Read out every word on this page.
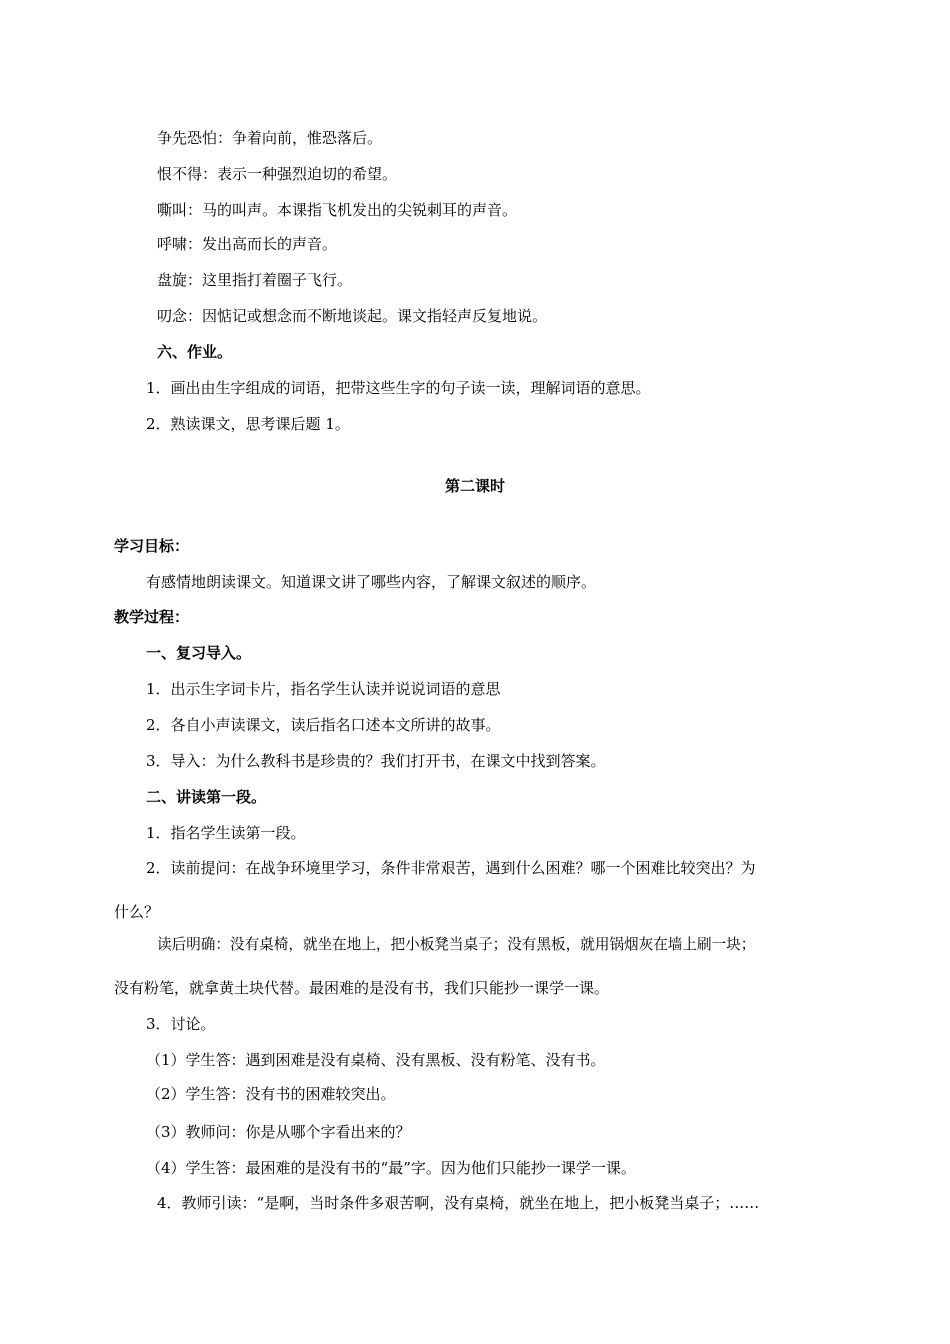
争先恐怕：争着向前，惟恐落后。
恨不得：表示一种强烈迫切的希望。
嘶叫：马的叫声。本课指飞机发出的尖锐刺耳的声音。
呼啸：发出高而长的声音。
盘旋：这里指打着圈子飞行。
叨念：因惦记或想念而不断地谈起。课文指轻声反复地说。
六、作业。
1．画出由生字组成的词语，把带这些生字的句子读一读，理解词语的意思。
2．熟读课文，思考课后题 1。
第二课时
学习目标：
有感情地朗读课文。知道课文讲了哪些内容，了解课文叙述的顺序。
教学过程：
一、复习导入。
1．出示生字词卡片，指名学生认读并说说词语的意思
2．各自小声读课文，读后指名口述本文所讲的故事。
3．导入：为什么教科书是珍贵的？我们打开书，在课文中找到答案。
二、讲读第一段。
1．指名学生读第一段。
2．读前提问：在战争环境里学习，条件非常艰苦，遇到什么困难？哪一个困难比较突出？为
什么？
读后明确：没有桌椅，就坐在地上，把小板凳当桌子；没有黑板，就用锅烟灰在墙上刷一块；
没有粉笔，就拿黄土块代替。最困难的是没有书，我们只能抄一课学一课。
3．讨论。
（1）学生答：遇到困难是没有桌椅、没有黑板、没有粉笔、没有书。
（2）学生答：没有书的困难较突出。
（3）教师问：你是从哪个字看出来的？
（4）学生答：最困难的是没有书的“最”字。因为他们只能抄一课学一课。
4．教师引读：“是啊，当时条件多艰苦啊，没有桌椅，就坐在地上，把小板凳当桌子；……
